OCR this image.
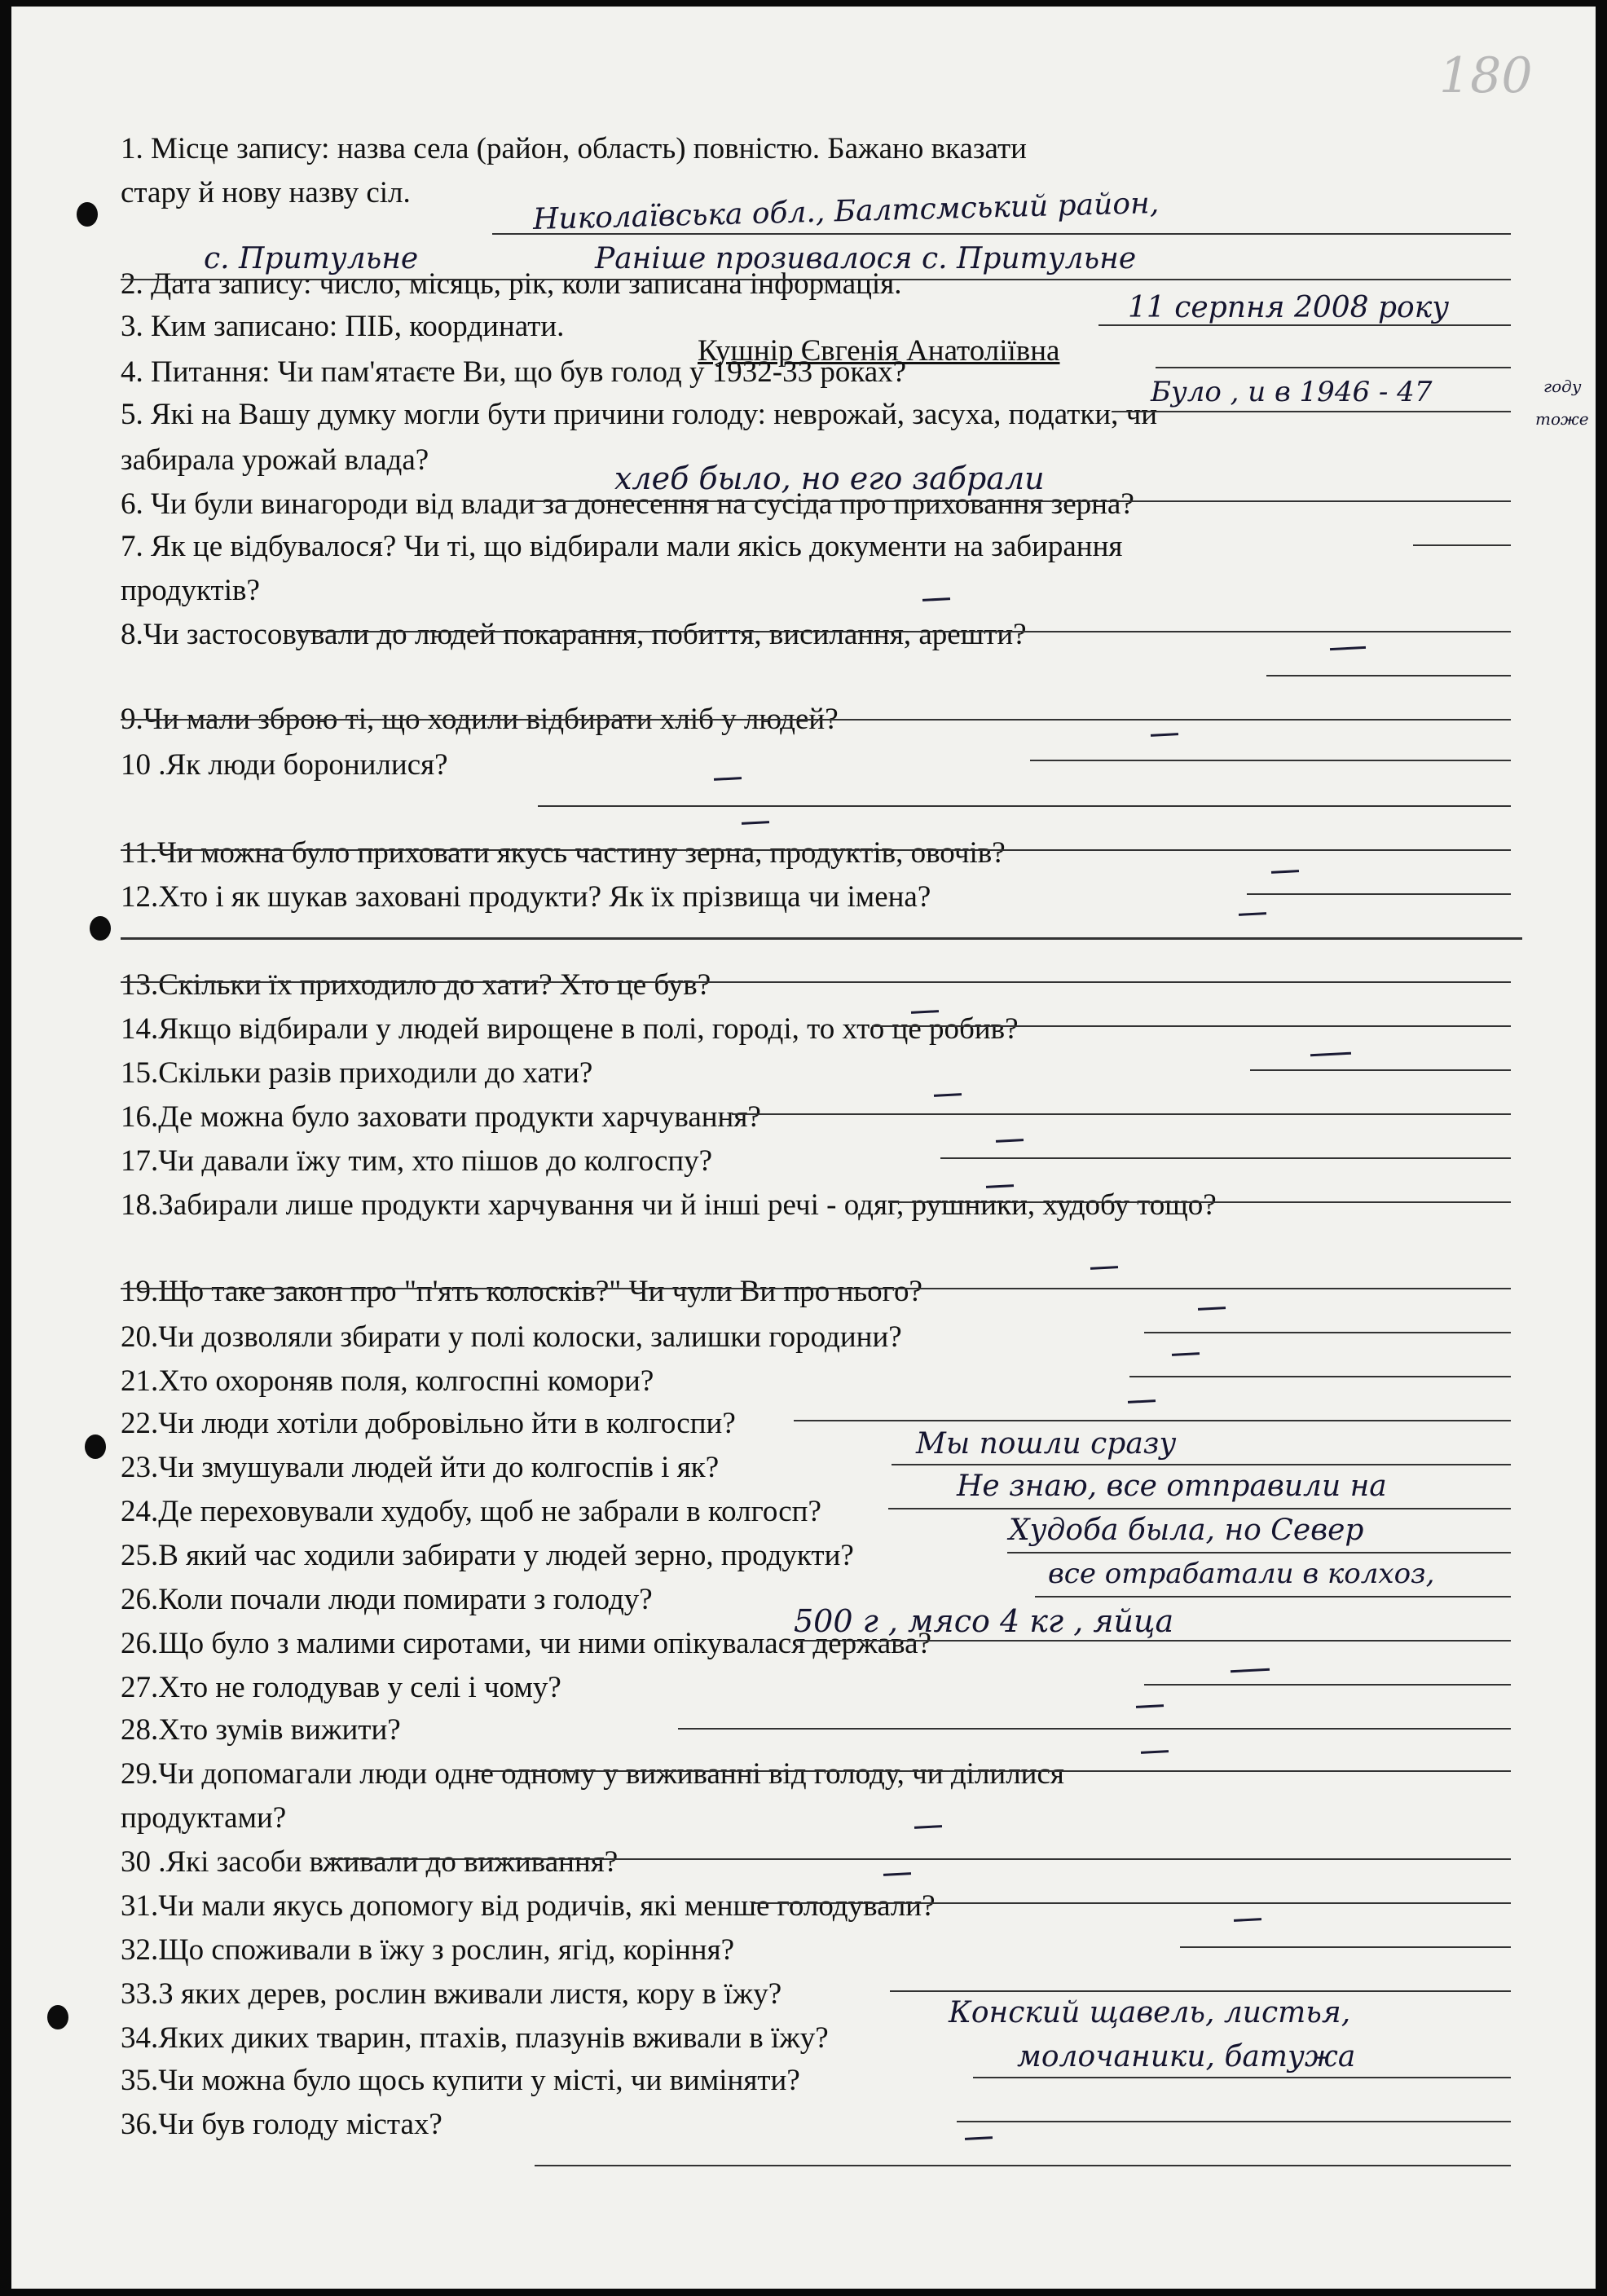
180
1. Місце запису: назва села (район, область) повністю. Бажано вказати
стару й нову назву сіл.
2. Дата запису: число, місяць, рік, коли записана інформація.
3. Ким записано: ПІБ, координати.
4. Питання: Чи пам'ятаєте Ви, що був голод у 1932-33 роках?
5. Які на Вашу думку могли бути причини голоду: неврожай, засуха, податки, чи
забирала урожай влада?
6. Чи були винагороди від влади за донесення на сусіда про приховання зерна?
7. Як це відбувалося? Чи ті, що відбирали мали якісь документи на забирання
продуктів?
8.Чи застосовували до людей покарання, побиття, висилання, арешти?
9.Чи мали зброю ті, що ходили відбирати хліб у людей?
10 .Як люди боронилися?
11.Чи можна було приховати якусь частину зерна, продуктів, овочів?
12.Хто і як шукав заховані продукти? Як їх прізвища чи імена?
13.Скільки їх приходило до хати? Хто це був?
14.Якщо відбирали у людей вирощене в полі, городі, то хто це робив?
15.Скільки разів приходили до хати?
16.Де можна було заховати продукти харчування?
17.Чи давали їжу тим, хто пішов до колгоспу?
18.Забирали лише продукти харчування чи й інші речі - одяг, рушники, худобу тощо?
19.Що таке закон про "п'ять колосків?" Чи чули Ви про нього?
20.Чи дозволяли збирати у полі колоски, залишки городини?
21.Хто охороняв поля, колгоспні комори?
22.Чи люди хотіли добровільно йти в колгоспи?
23.Чи змушували людей йти до колгоспів і як?
24.Де переховували худобу, щоб не забрали в колгосп?
25.В який час ходили забирати у людей зерно, продукти?
26.Коли почали люди помирати з голоду?
26.Що було з малими сиротами, чи ними опікувалася держава?
27.Хто не голодував у селі і чому?
28.Хто зумів вижити?
29.Чи допомагали люди одне одному у виживанні від голоду, чи ділилися
продуктами?
30 .Які засоби вживали до виживання?
31.Чи мали якусь допомогу від родичів, які менше голодували?
32.Що споживали в їжу з рослин, ягід, коріння?
33.З яких дерев, рослин вживали листя, кору в їжу?
34.Яких диких тварин, птахів, плазунів вживали в їжу?
35.Чи можна було щось купити у місті, чи виміняти?
36.Чи був голоду містах?
Кушнір Євгенія Анатоліївна
Николаївська обл., Балтсмський район,
с. Притульне	Раніше прозивалося с. Притульне
11 серпня 2008 року
Було , и в 1946 - 47	году
тоже
хлеб было, но его забрали
Мы пошли сразу
Не знаю, все отправили на
Худоба была, но Север
все отрабатали в колхоз,
500 г , мясо 4 кг , яйца
Конский щавель, листья,
молочаники, батужа
